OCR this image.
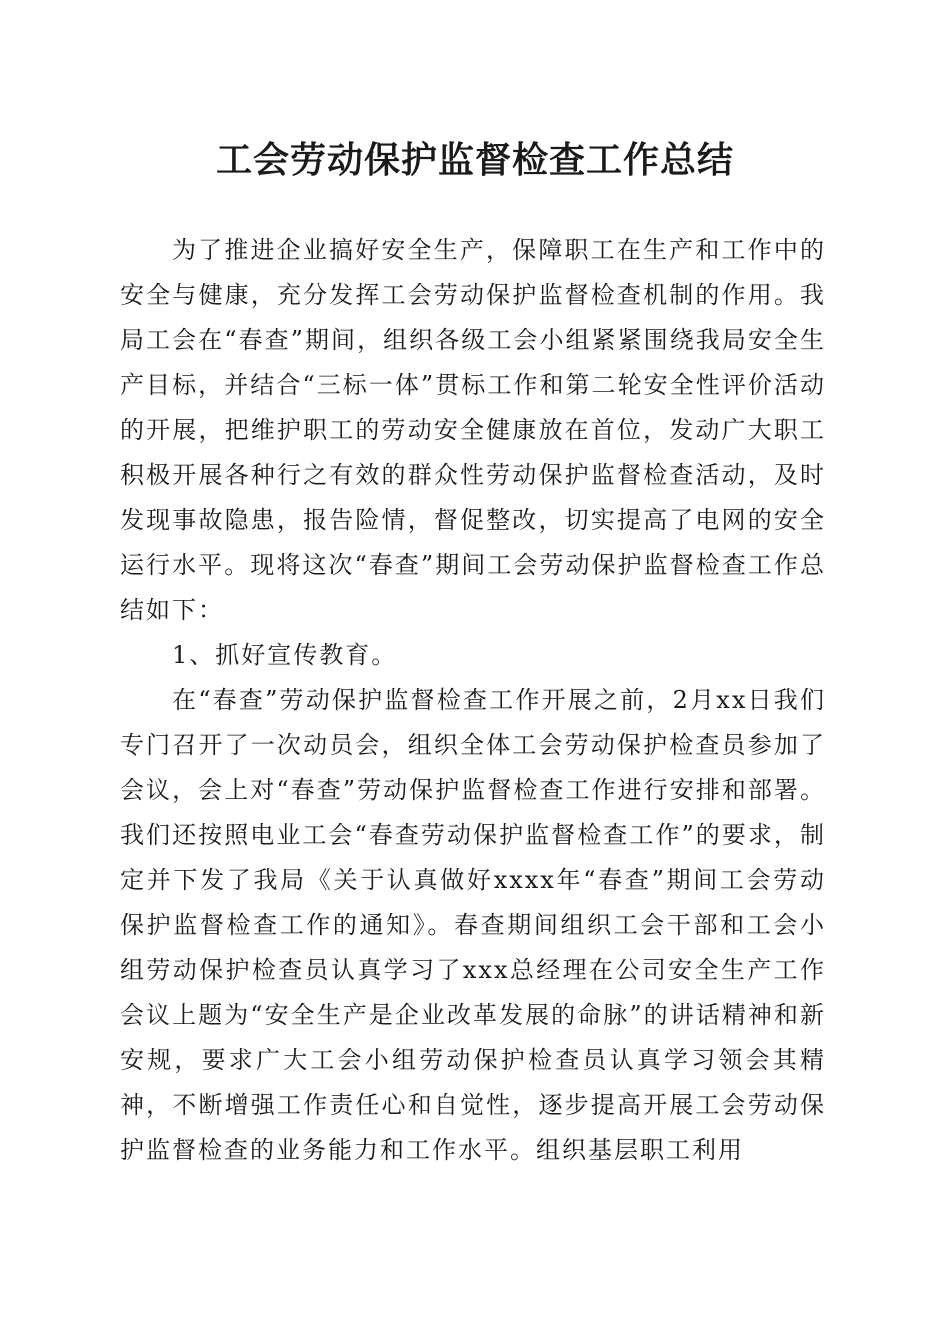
工会劳动保护监督检查工作总结

为了推进企业搞好安全生产，保障职工在生产和工作中的安全与健康，充分发挥工会劳动保护监督检查机制的作用。我局工会在“春查”期间，组织各级工会小组紧紧围绕我局安全生产目标，并结合“三标一体”贯标工作和第二轮安全性评价活动的开展，把维护职工的劳动安全健康放在首位，发动广大职工积极开展各种行之有效的群众性劳动保护监督检查活动，及时发现事故隐患，报告险情，督促整改，切实提高了电网的安全运行水平。现将这次“春查”期间工会劳动保护监督检查工作总结如下：

1、抓好宣传教育。

在“春查”劳动保护监督检查工作开展之前，2月xx日我们专门召开了一次动员会，组织全体工会劳动保护检查员参加了会议，会上对“春查”劳动保护监督检查工作进行安排和部署。我们还按照电业工会“春查劳动保护监督检查工作”的要求，制定并下发了我局《关于认真做好xxxx年“春查”期间工会劳动保护监督检查工作的通知》。春查期间组织工会干部和工会小组劳动保护检查员认真学习了xxx总经理在公司安全生产工作会议上题为“安全生产是企业改革发展的命脉”的讲话精神和新安规，要求广大工会小组劳动保护检查员认真学习领会其精神，不断增强工作责任心和自觉性，逐步提高开展工会劳动保护监督检查的业务能力和工作水平。组织基层职工利用
